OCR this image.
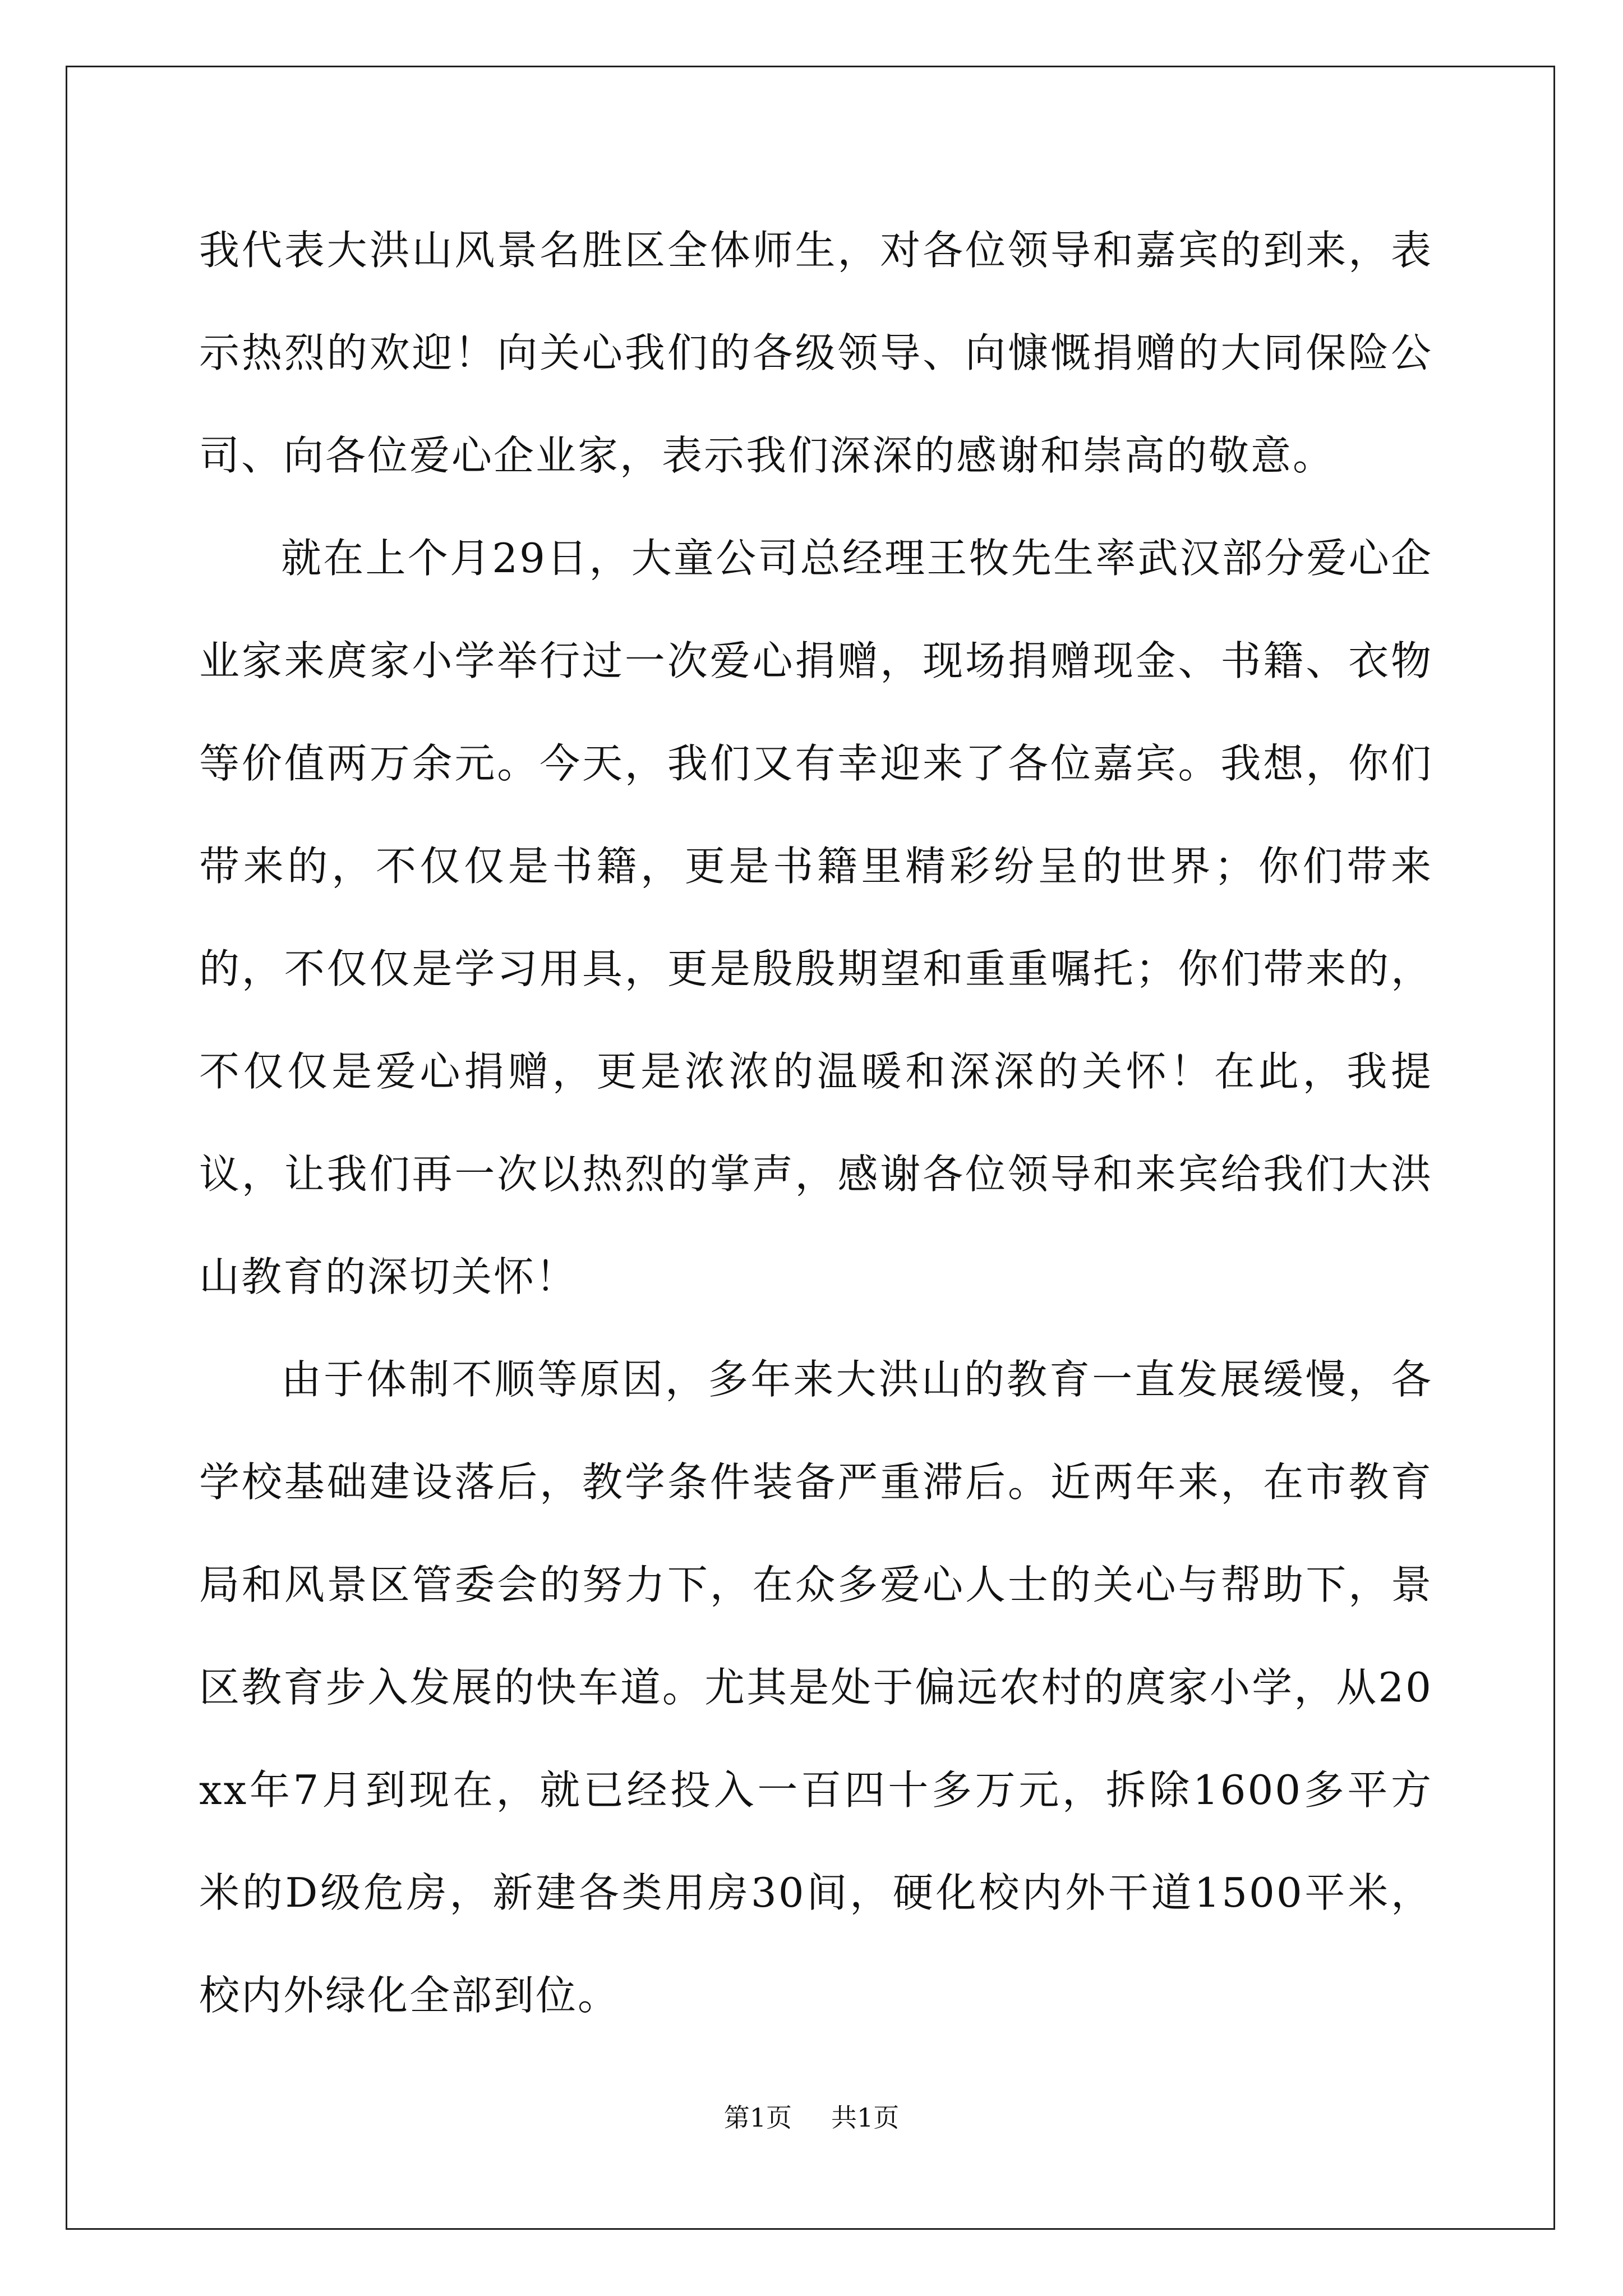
我代表大洪山风景名胜区全体师生，对各位领导和嘉宾的到来，表示热烈的欢迎！向关心我们的各级领导、向慷慨捐赠的大同保险公司、向各位爱心企业家，表示我们深深的感谢和崇高的敬意。

就在上个月29日，大童公司总经理王牧先生率武汉部分爱心企业家来庹家小学举行过一次爱心捐赠，现场捐赠现金、书籍、衣物等价值两万余元。今天，我们又有幸迎来了各位嘉宾。我想，你们带来的，不仅仅是书籍，更是书籍里精彩纷呈的世界；你们带来的，不仅仅是学习用具，更是殷殷期望和重重嘱托；你们带来的，不仅仅是爱心捐赠，更是浓浓的温暖和深深的关怀！在此，我提议，让我们再一次以热烈的掌声，感谢各位领导和来宾给我们大洪山教育的深切关怀！

由于体制不顺等原因，多年来大洪山的教育一直发展缓慢，各学校基础建设落后，教学条件装备严重滞后。近两年来，在市教育局和风景区管委会的努力下，在众多爱心人士的关心与帮助下，景区教育步入发展的快车道。尤其是处于偏远农村的庹家小学，从20xx年7月到现在，就已经投入一百四十多万元，拆除1600多平方米的D级危房，新建各类用房30间，硬化校内外干道1500平米，校内外绿化全部到位。

第1页 共1页
